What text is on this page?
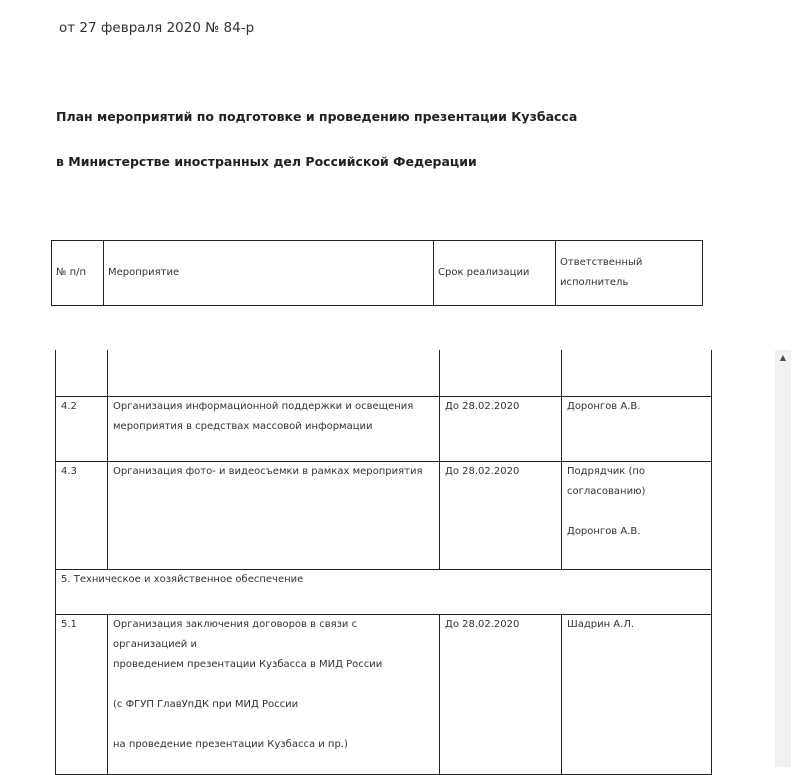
от 27 февраля 2020 № 84-р
План мероприятий по подготовке и проведению презентации Кузбасса
в Министерстве иностранных дел Российской Федерации
№ п/п	Мероприятие	Срок реализации	Ответственный
исполнитель

4.2	Организация информационной поддержки и освещения
мероприятия в средствах массовой информации	До 28.02.2020	Доронгов А.В.
4.3	Организация фото- и видеосъемки в рамках мероприятия	До 28.02.2020	Подрядчик (по
согласованию)

Доронгов А.В.
5. Техническое и хозяйственное обеспечение			
5.1	Организация заключения договоров в связи с организацией и
проведением презентации Кузбасса в МИД России

(с ФГУП ГлавУпДК при МИД России

на проведение презентации Кузбасса и пр.)	До 28.02.2020	Шадрин А.Л.
▲
